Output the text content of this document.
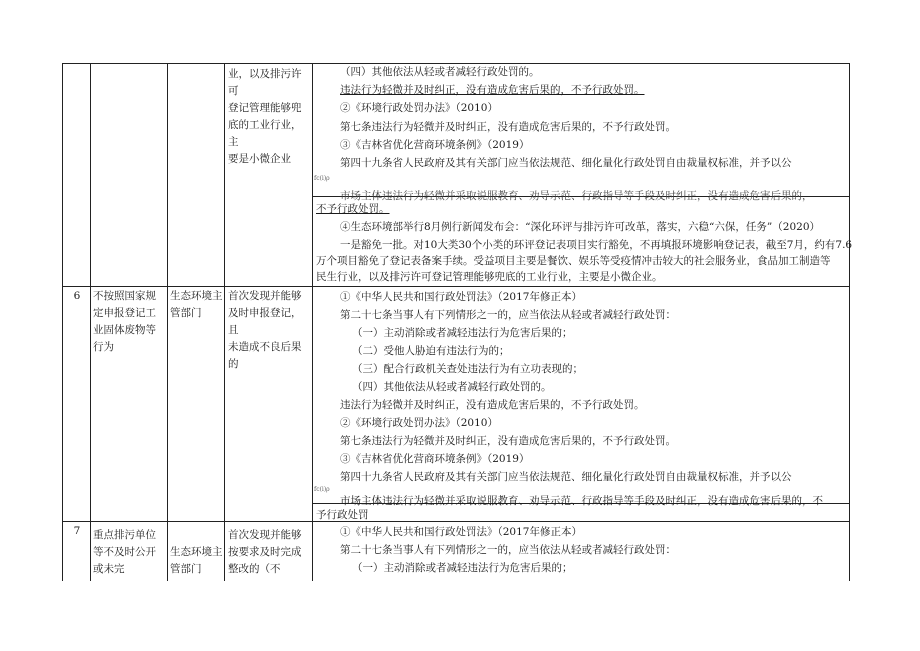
业，以及排污许可
登记管理能够兜
底的工业行业，主
要是小微企业
（四）其他依法从轻或者减轻行政处罚的。
违法行为轻微并及时纠正，没有造成危害后果的，不予行政处罚。
②《环境行政处罚办法》（2010）
第七条违法行为轻微并及时纠正，没有造成危害后果的，不予行政处罚。
③《吉林省优化营商环境条例》（2019）
第四十九条省人民政府及其有关部门应当依法规范、细化量化行政处罚自由裁量权标准，并予以公
fc(i)ρ
市场主体违法行为轻微并采取说服教育、劝导示范、行政指导等手段及时纠正，没有造成危害后果的，
不予行政处罚。
④生态环境部举行8月例行新闻发布会：“深化环评与排污许可改革，落实，六稳“六保，任务”（2020）
一是豁免一批。对10大类30个小类的环评登记表项目实行豁免，不再填报环境影响登记表，截至7月，约有7.6
万个项目豁免了登记表备案手续。受益项目主要是餐饮、娱乐等受疫情冲击较大的社会服务业，食品加工制造等
民生行业，以及排污许可登记管理能够兜底的工业行业，主要是小微企业。
6	不按照国家规
定申报登记工
业固体废物等
行为
生态环境主
管部门
首次发现并能够
及时申报登记，且
未造成不良后果
的
①《中华人民共和国行政处罚法》（2017年修正本）
第二十七条当事人有下列情形之一的，应当依法从轻或者减轻行政处罚：
（一）主动消除或者减轻违法行为危害后果的；
（二）受他人胁迫有违法行为的；
（三）配合行政机关查处违法行为有立功表现的；
（四）其他依法从轻或者减轻行政处罚的。
违法行为轻微并及时纠正，没有造成危害后果的，不予行政处罚。
②《环境行政处罚办法》（2010）
第七条违法行为轻微并及时纠正，没有造成危害后果的，不予行政处罚。
③《吉林省优化营商环境条例》（2019）
第四十九条省人民政府及其有关部门应当依法规范、细化量化行政处罚自由裁量权标准，并予以公
fc(i)ρ
市场主体违法行为轻微并采取说服教育、劝导示范、行政指导等手段及时纠正，没有造成危害后果的，不
予行政处罚
7	重点排污单位
等不及时公开
或未完
生态环境主
管部门
首次发现并能够
按要求及时完成
整改的（不
①《中华人民共和国行政处罚法》（2017年修正本）
第二十七条当事人有下列情形之一的，应当依法从轻或者减轻行政处罚：
（一）主动消除或者减轻违法行为危害后果的；
